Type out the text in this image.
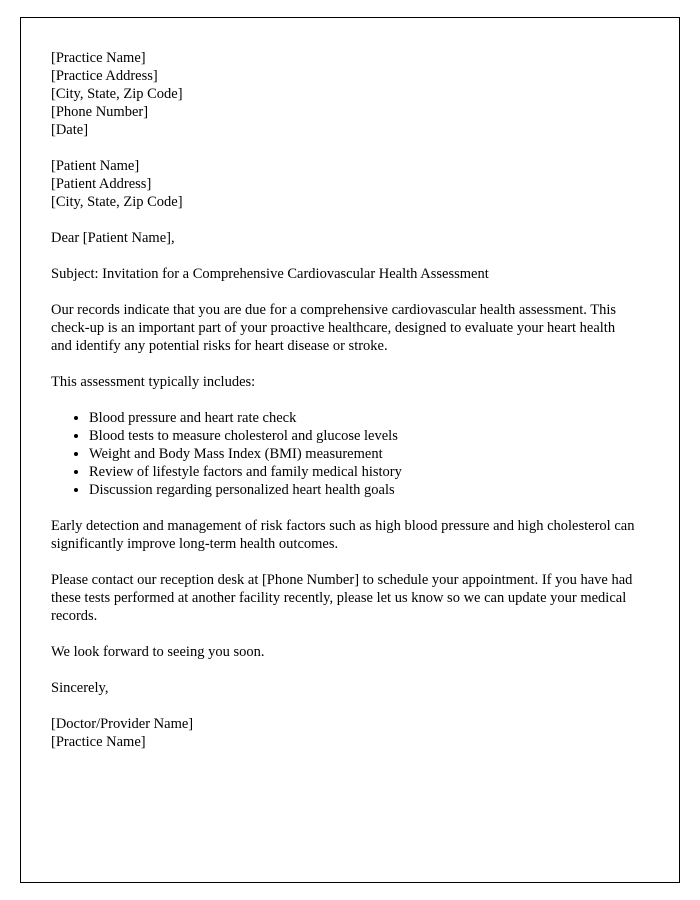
[Practice Name]
[Practice Address]
[City, State, Zip Code]
[Phone Number]
[Date]
[Patient Name]
[Patient Address]
[City, State, Zip Code]

Dear [Patient Name],

Subject: Invitation for a Comprehensive Cardiovascular Health Assessment

Our records indicate that you are due for a comprehensive cardiovascular health assessment. This check-up is an important part of your proactive healthcare, designed to evaluate your heart health and identify any potential risks for heart disease or stroke.

This assessment typically includes:

• Blood pressure and heart rate check
• Blood tests to measure cholesterol and glucose levels
• Weight and Body Mass Index (BMI) measurement
• Review of lifestyle factors and family medical history
• Discussion regarding personalized heart health goals

Early detection and management of risk factors such as high blood pressure and high cholesterol can significantly improve long-term health outcomes.

Please contact our reception desk at [Phone Number] to schedule your appointment. If you have had these tests performed at another facility recently, please let us know so we can update your medical records.

We look forward to seeing you soon.

Sincerely,

[Doctor/Provider Name]
[Practice Name]
